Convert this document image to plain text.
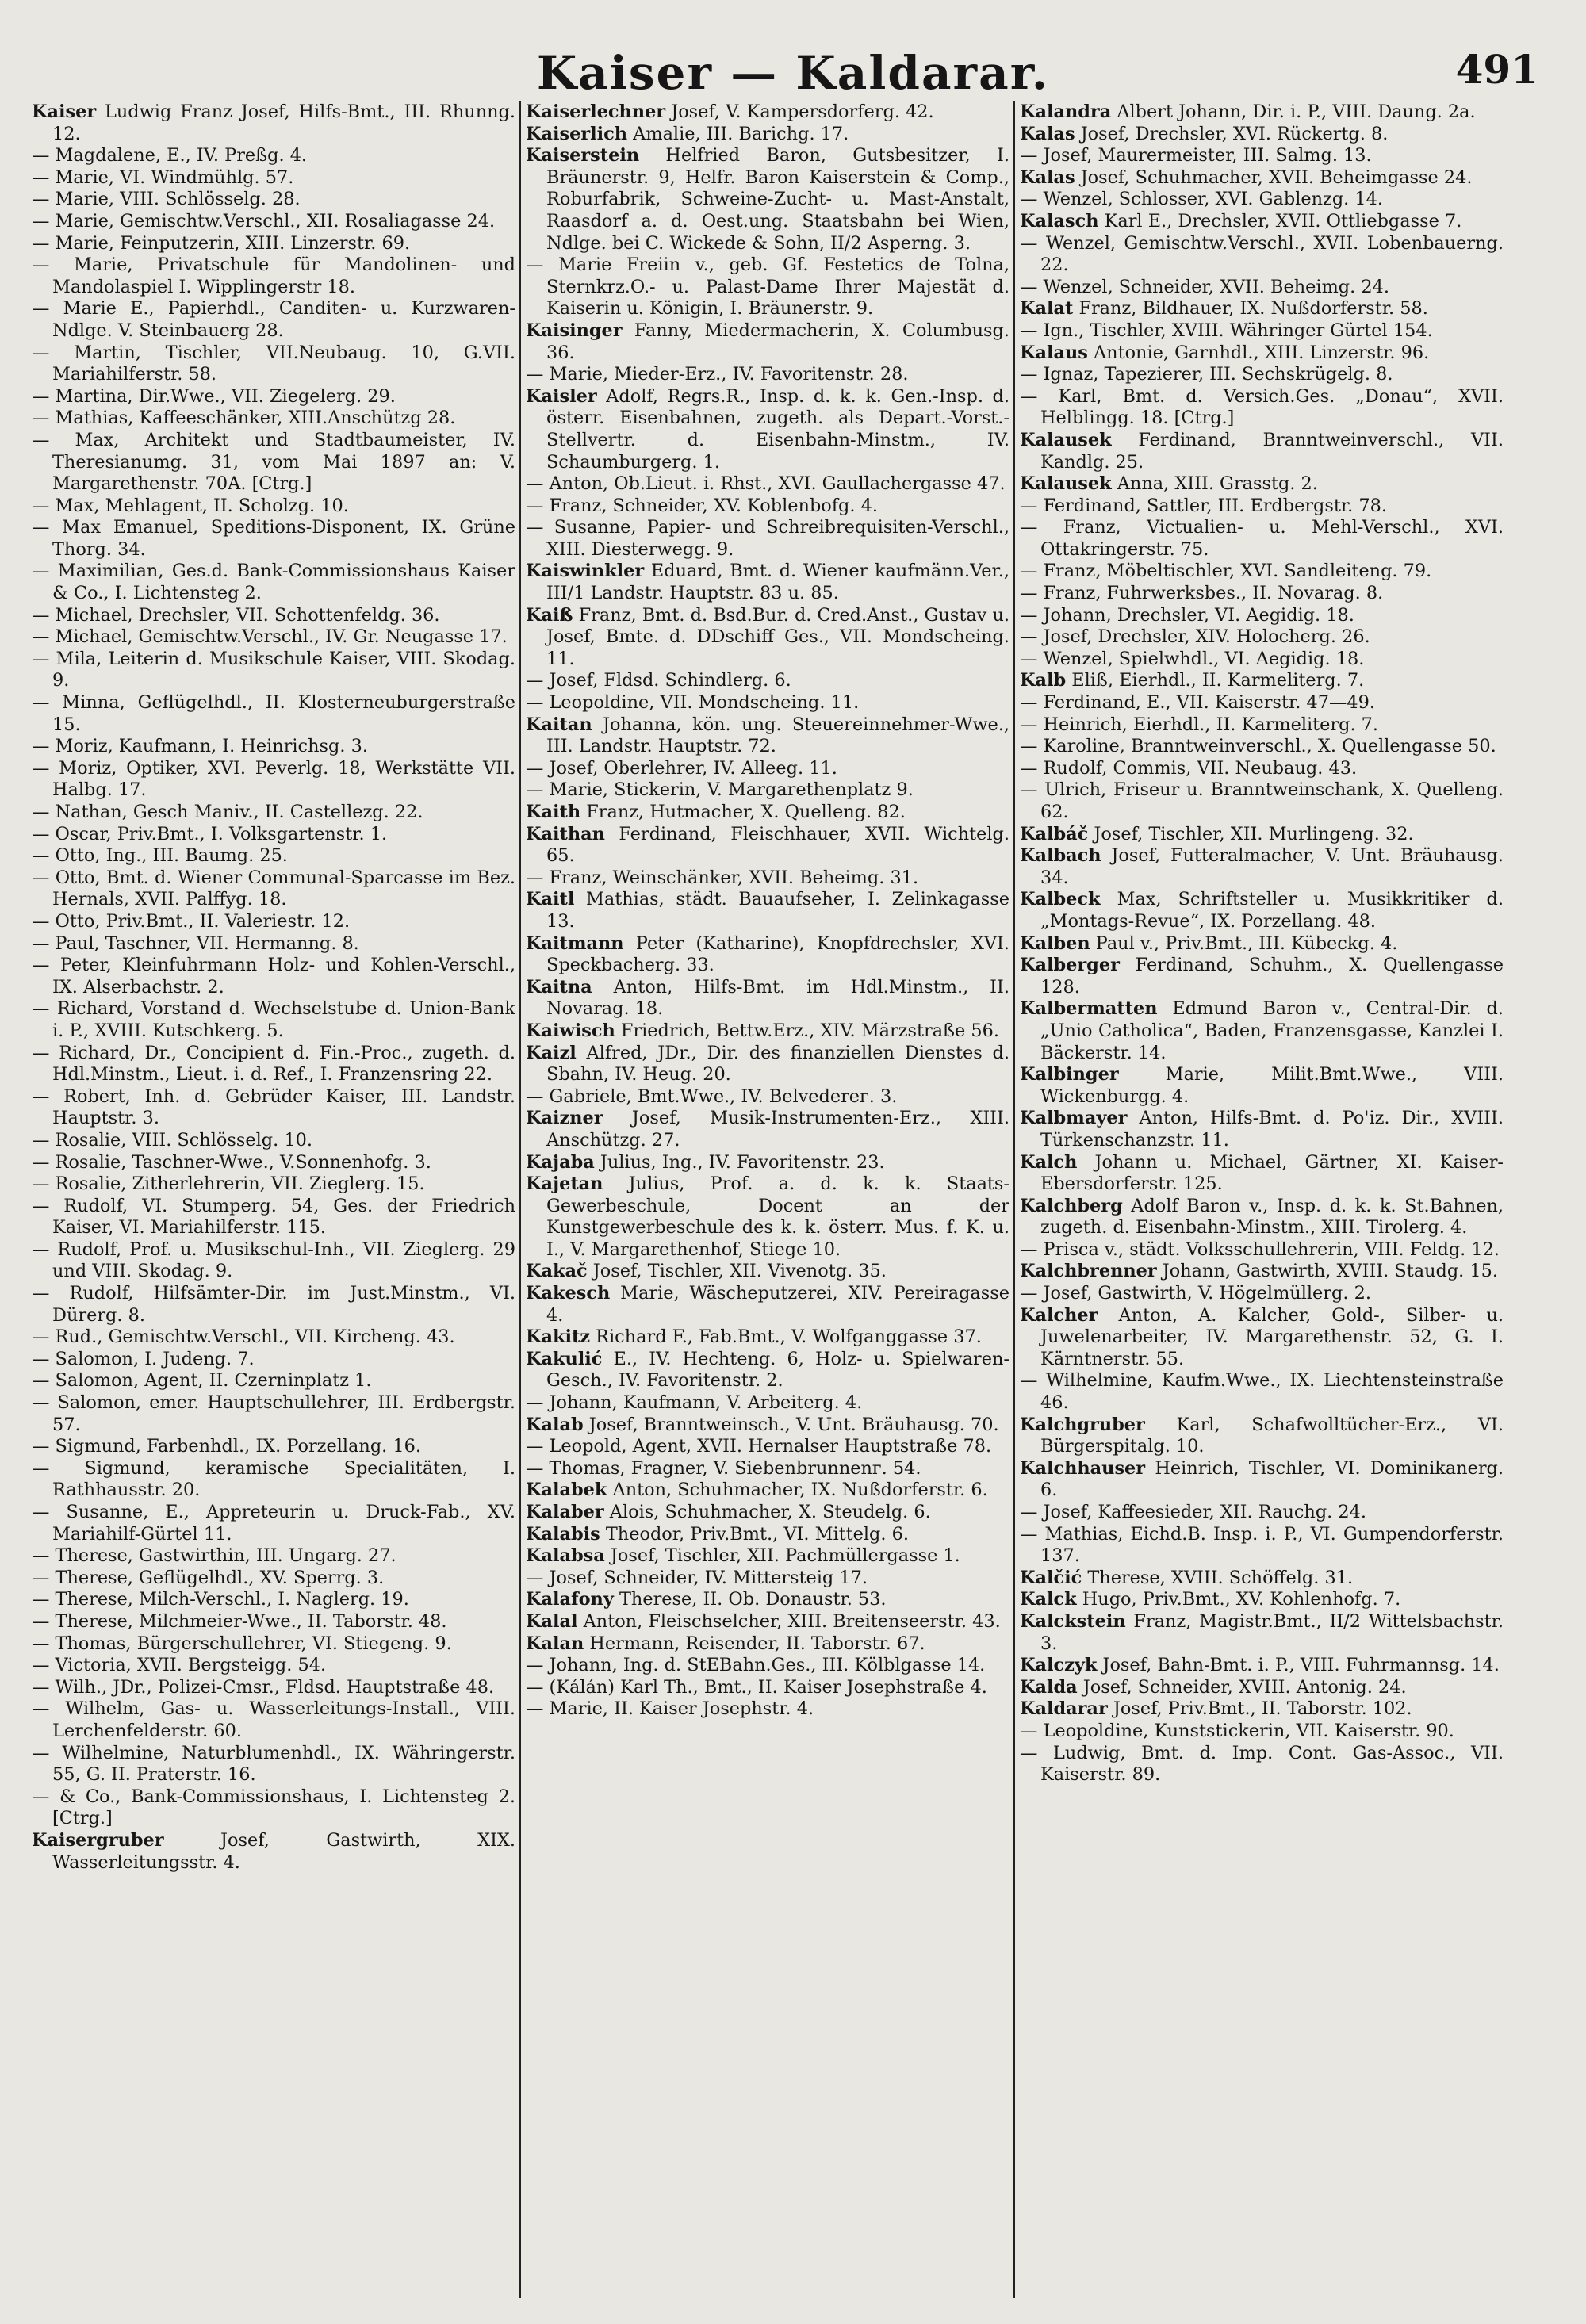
Kaiser — Kaldarar.	491

Kaiser Ludwig Franz Josef, Hilfs-Bmt., III. Rhunng. 12.

— Magdalene, E., IV. Preßg. 4.

— Marie, VI. Windmühlg. 57.

— Marie, VIII. Schlösselg. 28.

— Marie, Gemischtw.Verschl., XII. Rosaliagasse 24.

— Marie, Feinputzerin, XIII. Linzerstr. 69.

— Marie, Privatschule für Mandolinen- und Mandolaspiel I. Wipplingerstr 18.

— Marie E., Papierhdl., Canditen- u. Kurzwaren-Ndlge. V. Steinbauerg 28.

— Martin, Tischler, VII.Neubaug. 10, G.VII. Mariahilferstr. 58.

— Martina, Dir.Wwe., VII. Ziegelerg. 29.

— Mathias, Kaffeeschänker, XIII.Anschützg 28.

— Max, Architekt und Stadtbaumeister, IV. Theresianumg. 31, vom Mai 1897 an: V. Margarethenstr. 70A. [Ctrg.]

— Max, Mehlagent, II. Scholzg. 10.

— Max Emanuel, Speditions-Disponent, IX. Grüne Thorg. 34.

— Maximilian, Ges.d. Bank-Commissionshaus Kaiser & Co., I. Lichtensteg 2.

— Michael, Drechsler, VII. Schottenfeldg. 36.

— Michael, Gemischtw.Verschl., IV. Gr. Neugasse 17.

— Mila, Leiterin d. Musikschule Kaiser, VIII. Skodag. 9.

— Minna, Geflügelhdl., II. Klosterneuburgerstraße 15.

— Moriz, Kaufmann, I. Heinrichsg. 3.

— Moriz, Optiker, XVI. Peverlg. 18, Werkstätte VII. Halbg. 17.

— Nathan, Gesch Maniv., II. Castellezg. 22.

— Oscar, Priv.Bmt., I. Volksgartenstr. 1.

— Otto, Ing., III. Baumg. 25.

— Otto, Bmt. d. Wiener Communal-Sparcasse im Bez. Hernals, XVII. Palffyg. 18.

— Otto, Priv.Bmt., II. Valeriestr. 12.

— Paul, Taschner, VII. Hermanng. 8.

— Peter, Kleinfuhrmann Holz- und Kohlen-Verschl., IX. Alserbachstr. 2.

— Richard, Vorstand d. Wechselstube d. Union-Bank i. P., XVIII. Kutschkerg. 5.

— Richard, Dr., Concipient d. Fin.-Proc., zugeth. d. Hdl.Minstm., Lieut. i. d. Ref., I. Franzensring 22.

— Robert, Inh. d. Gebrüder Kaiser, III. Landstr. Hauptstr. 3.

— Rosalie, VIII. Schlösselg. 10.

— Rosalie, Taschner-Wwe., V.Sonnenhofg. 3.

— Rosalie, Zitherlehrerin, VII. Zieglerg. 15.

— Rudolf, VI. Stumperg. 54, Ges. der Friedrich Kaiser, VI. Mariahilferstr. 115.

— Rudolf, Prof. u. Musikschul-Inh., VII. Zieglerg. 29 und VIII. Skodag. 9.

— Rudolf, Hilfsämter-Dir. im Just.Minstm., VI. Dürerg. 8.

— Rud., Gemischtw.Verschl., VII. Kircheng. 43.

— Salomon, I. Judeng. 7.

— Salomon, Agent, II. Czerninplatz 1.

— Salomon, emer. Hauptschullehrer, III. Erdbergstr. 57.

— Sigmund, Farbenhdl., IX. Porzellang. 16.

— Sigmund, keramische Specialitäten, I. Rathhausstr. 20.

— Susanne, E., Appreteurin u. Druck-Fab., XV. Mariahilf-Gürtel 11.

— Therese, Gastwirthin, III. Ungarg. 27.

— Therese, Geflügelhdl., XV. Sperrg. 3.

— Therese, Milch-Verschl., I. Naglerg. 19.

— Therese, Milchmeier-Wwe., II. Taborstr. 48.

— Thomas, Bürgerschullehrer, VI. Stiegeng. 9.

— Victoria, XVII. Bergsteigg. 54.

— Wilh., JDr., Polizei-Cmsr., Fldsd. Hauptstraße 48.

— Wilhelm, Gas- u. Wasserleitungs-Install., VIII. Lerchenfelderstr. 60.

— Wilhelmine, Naturblumenhdl., IX. Währingerstr. 55, G. II. Praterstr. 16.

— & Co., Bank-Commissionshaus, I. Lichtensteg 2. [Ctrg.]

Kaisergruber Josef, Gastwirth, XIX. Wasserleitungsstr. 4.

Kaiserlechner Josef, V. Kampersdorferg. 42.

Kaiserlich Amalie, III. Barichg. 17.

Kaiserstein Helfried Baron, Gutsbesitzer, I. Bräunerstr. 9, Helfr. Baron Kaiserstein & Comp., Roburfabrik, Schweine-Zucht- u. Mast-Anstalt, Raasdorf a. d. Oest.ung. Staatsbahn bei Wien, Ndlge. bei C. Wickede & Sohn, II/2 Asperng. 3.

— Marie Freiin v., geb. Gf. Festetics de Tolna, Sternkrz.O.- u. Palast-Dame Ihrer Majestät d. Kaiserin u. Königin, I. Bräunerstr. 9.

Kaisinger Fanny, Miedermacherin, X. Columbusg. 36.

— Marie, Mieder-Erz., IV. Favoritenstr. 28.

Kaisler Adolf, Regrs.R., Insp. d. k. k. Gen.-Insp. d. österr. Eisenbahnen, zugeth. als Depart.-Vorst.-Stellvertr. d. Eisenbahn-Minstm., IV. Schaumburgerg. 1.

— Anton, Ob.Lieut. i. Rhst., XVI. Gaullachergasse 47.

— Franz, Schneider, XV. Koblenbofg. 4.

— Susanne, Papier- und Schreibrequisiten-Verschl., XIII. Diesterwegg. 9.

Kaiswinkler Eduard, Bmt. d. Wiener kaufmänn.Ver., III/1 Landstr. Hauptstr. 83 u. 85.

Kaiß Franz, Bmt. d. Bsd.Bur. d. Cred.Anst., Gustav u. Josef, Bmte. d. DDschiff Ges., VII. Mondscheing. 11.

— Josef, Fldsd. Schindlerg. 6.

— Leopoldine, VII. Mondscheing. 11.

Kaitan Johanna, kön. ung. Steuereinnehmer-Wwe., III. Landstr. Hauptstr. 72.

— Josef, Oberlehrer, IV. Alleeg. 11.

— Marie, Stickerin, V. Margarethenplatz 9.

Kaith Franz, Hutmacher, X. Quelleng. 82.

Kaithan Ferdinand, Fleischhauer, XVII. Wichtelg. 65.

— Franz, Weinschänker, XVII. Beheimg. 31.

Kaitl Mathias, städt. Bauaufseher, I. Zelinkagasse 13.

Kaitmann Peter (Katharine), Knopfdrechsler, XVI. Speckbacherg. 33.

Kaitna Anton, Hilfs-Bmt. im Hdl.Minstm., II. Novarag. 18.

Kaiwisch Friedrich, Bettw.Erz., XIV. Märzstraße 56.

Kaizl Alfred, JDr., Dir. des finanziellen Dienstes d. Sbahn, IV. Heug. 20.

— Gabriele, Bmt.Wwe., IV. Belvederег. 3.

Kaizner Josef, Musik-Instrumenten-Erz., XIII. Anschützg. 27.

Kajaba Julius, Ing., IV. Favoritenstr. 23.

Kajetan Julius, Prof. a. d. k. k. Staats-Gewerbeschule, Docent an der Kunstgewerbeschule des k. k. österr. Mus. f. K. u. I., V. Margarethenhof, Stiege 10.

Kakač Josef, Tischler, XII. Vivenotg. 35.

Kakesch Marie, Wäscheputzerei, XIV. Pereiragasse 4.

Kakitz Richard F., Fab.Bmt., V. Wolfganggasse 37.

Kakulić E., IV. Hechteng. 6, Holz- u. Spielwaren-Gesch., IV. Favoritenstr. 2.

— Johann, Kaufmann, V. Arbeiterg. 4.

Kalab Josef, Branntweinsch., V. Unt. Bräuhausg. 70.

— Leopold, Agent, XVII. Hernalser Hauptstraße 78.

— Thomas, Fragner, V. Siebenbrunnenг. 54.

Kalabek Anton, Schuhmacher, IX. Nußdorferstr. 6.

Kalaber Alois, Schuhmacher, X. Steudelg. 6.

Kalabis Theodor, Priv.Bmt., VI. Mittelg. 6.

Kalabsa Josef, Tischler, XII. Pachmüllergasse 1.

— Josef, Schneider, IV. Mittersteig 17.

Kalafony Therese, II. Ob. Donaustr. 53.

Kalal Anton, Fleischselcher, XIII. Breitenseerstr. 43.

Kalan Hermann, Reisender, II. Taborstr. 67.

— Johann, Ing. d. StEBahn.Ges., III. Kölblgasse 14.

— (Kálán) Karl Th., Bmt., II. Kaiser Josephstraße 4.

— Marie, II. Kaiser Josephstr. 4.

Kalandra Albert Johann, Dir. i. P., VIII. Daung. 2a.

Kalas Josef, Drechsler, XVI. Rückertg. 8.

— Josef, Maurermeister, III. Salmg. 13.

Kalas Josef, Schuhmacher, XVII. Beheimgasse 24.

— Wenzel, Schlosser, XVI. Gablenzg. 14.

Kalasch Karl E., Drechsler, XVII. Ottliebgasse 7.

— Wenzel, Gemischtw.Verschl., XVII. Lobenbauerng. 22.

— Wenzel, Schneider, XVII. Beheimg. 24.

Kalat Franz, Bildhauer, IX. Nußdorferstr. 58.

— Ign., Tischler, XVIII. Währinger Gürtel 154.

Kalaus Antonie, Garnhdl., XIII. Linzerstr. 96.

— Ignaz, Tapezierer, III. Sechskrügelg. 8.

— Karl, Bmt. d. Versich.Ges. „Donau“, XVII. Helblingg. 18. [Ctrg.]

Kalausek Ferdinand, Branntweinverschl., VII. Kandlg. 25.

Kalausek Anna, XIII. Grasstg. 2.

— Ferdinand, Sattler, III. Erdbergstr. 78.

— Franz, Victualien- u. Mehl-Verschl., XVI. Ottakringerstr. 75.

— Franz, Möbeltischler, XVI. Sandleiteng. 79.

— Franz, Fuhrwerksbes., II. Novarag. 8.

— Johann, Drechsler, VI. Aegidig. 18.

— Josef, Drechsler, XIV. Holocherg. 26.

— Wenzel, Spielwhdl., VI. Aegidig. 18.

Kalb Eliß, Eierhdl., II. Karmeliterg. 7.

— Ferdinand, E., VII. Kaiserstr. 47—49.

— Heinrich, Eierhdl., II. Karmeliterg. 7.

— Karoline, Branntweinverschl., X. Quellengasse 50.

— Rudolf, Commis, VII. Neubaug. 43.

— Ulrich, Friseur u. Branntweinschank, X. Quelleng. 62.

Kalbáč Josef, Tischler, XII. Murlingeng. 32.

Kalbach Josef, Futteralmacher, V. Unt. Bräuhausg. 34.

Kalbeck Max, Schriftsteller u. Musikkritiker d. „Montags-Revue“, IX. Porzellang. 48.

Kalben Paul v., Priv.Bmt., III. Kübeckg. 4.

Kalberger Ferdinand, Schuhm., X. Quellengasse 128.

Kalbermatten Edmund Baron v., Central-Dir. d. „Unio Catholica“, Baden, Franzensgasse, Kanzlei I. Bäckerstr. 14.

Kalbinger Marie, Milit.Bmt.Wwe., VIII. Wickenburgg. 4.

Kalbmayer Anton, Hilfs-Bmt. d. Po'iz. Dir., XVIII. Türkenschanzstr. 11.

Kalch Johann u. Michael, Gärtner, XI. Kaiser-Ebersdorferstr. 125.

Kalchberg Adolf Baron v., Insp. d. k. k. St.Bahnen, zugeth. d. Eisenbahn-Minstm., XIII. Tirolerg. 4.

— Prisca v., städt. Volksschullehrerin, VIII. Feldg. 12.

Kalchbrenner Johann, Gastwirth, XVIII. Staudg. 15.

— Josef, Gastwirth, V. Högelmüllerg. 2.

Kalcher Anton, A. Kalcher, Gold-, Silber- u. Juwelenarbeiter, IV. Margarethenstr. 52, G. I. Kärntnerstr. 55.

— Wilhelmine, Kaufm.Wwe., IX. Liechtensteinstraße 46.

Kalchgruber Karl, Schafwolltücher-Erz., VI. Bürgerspitalg. 10.

Kalchhauser Heinrich, Tischler, VI. Dominikanerg. 6.

— Josef, Kaffeesieder, XII. Rauchg. 24.

— Mathias, Eichd.B. Insp. i. P., VI. Gumpendorferstr. 137.

Kalčić Therese, XVIII. Schöffelg. 31.

Kalck Hugo, Priv.Bmt., XV. Kohlenhofg. 7.

Kalckstein Franz, Magistr.Bmt., II/2 Wittelsbachstr. 3.

Kalczyk Josef, Bahn-Bmt. i. P., VIII. Fuhrmannsg. 14.

Kalda Josef, Schneider, XVIII. Antonig. 24.

Kaldarar Josef, Priv.Bmt., II. Taborstr. 102.

— Leopoldine, Kunststickerin, VII. Kaiserstr. 90.

— Ludwig, Bmt. d. Imp. Cont. Gas-Assoc., VII. Kaiserstr. 89.
